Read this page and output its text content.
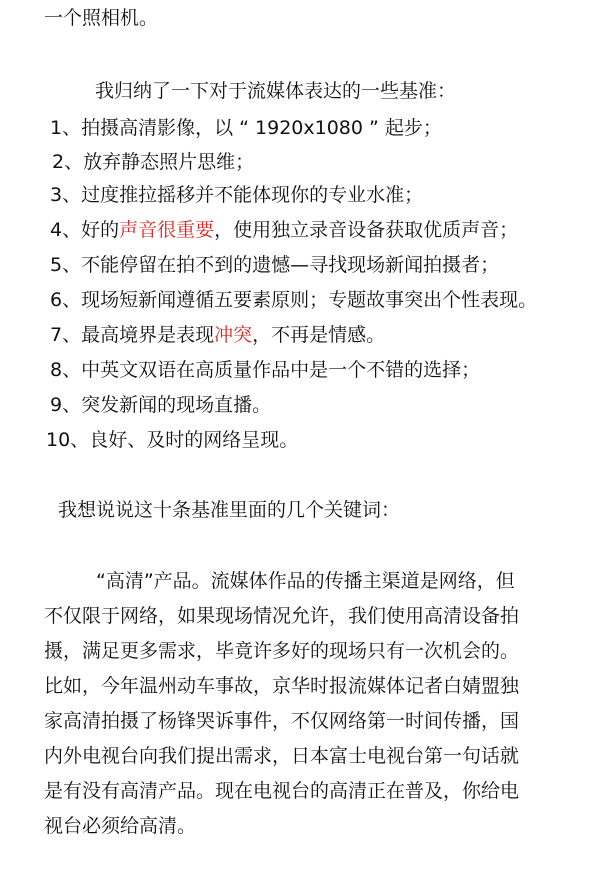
一个照相机。
我归纳了一下对于流媒体表达的一些基准：
1、拍摄高清影像，以 “ 1920x1080 ” 起步；
2、放弃静态照片思维；
3、过度推拉摇移并不能体现你的专业水准；
4、好的声音很重要，使用独立录音设备获取优质声音；
5、不能停留在拍不到的遗憾—寻找现场新闻拍摄者；
6、现场短新闻遵循五要素原则；专题故事突出个性表现。
7、最高境界是表现冲突，不再是情感。
8、中英文双语在高质量作品中是一个不错的选择；
9、突发新闻的现场直播。
10、良好、及时的网络呈现。
我想说说这十条基准里面的几个关键词：
“高清”产品。流媒体作品的传播主渠道是网络，但
不仅限于网络，如果现场情况允许，我们使用高清设备拍
摄，满足更多需求，毕竟许多好的现场只有一次机会的。
比如，今年温州动车事故，京华时报流媒体记者白婧盟独
家高清拍摄了杨锋哭诉事件，不仅网络第一时间传播，国
内外电视台向我们提出需求，日本富士电视台第一句话就
是有没有高清产品。现在电视台的高清正在普及，你给电
视台必须给高清。
